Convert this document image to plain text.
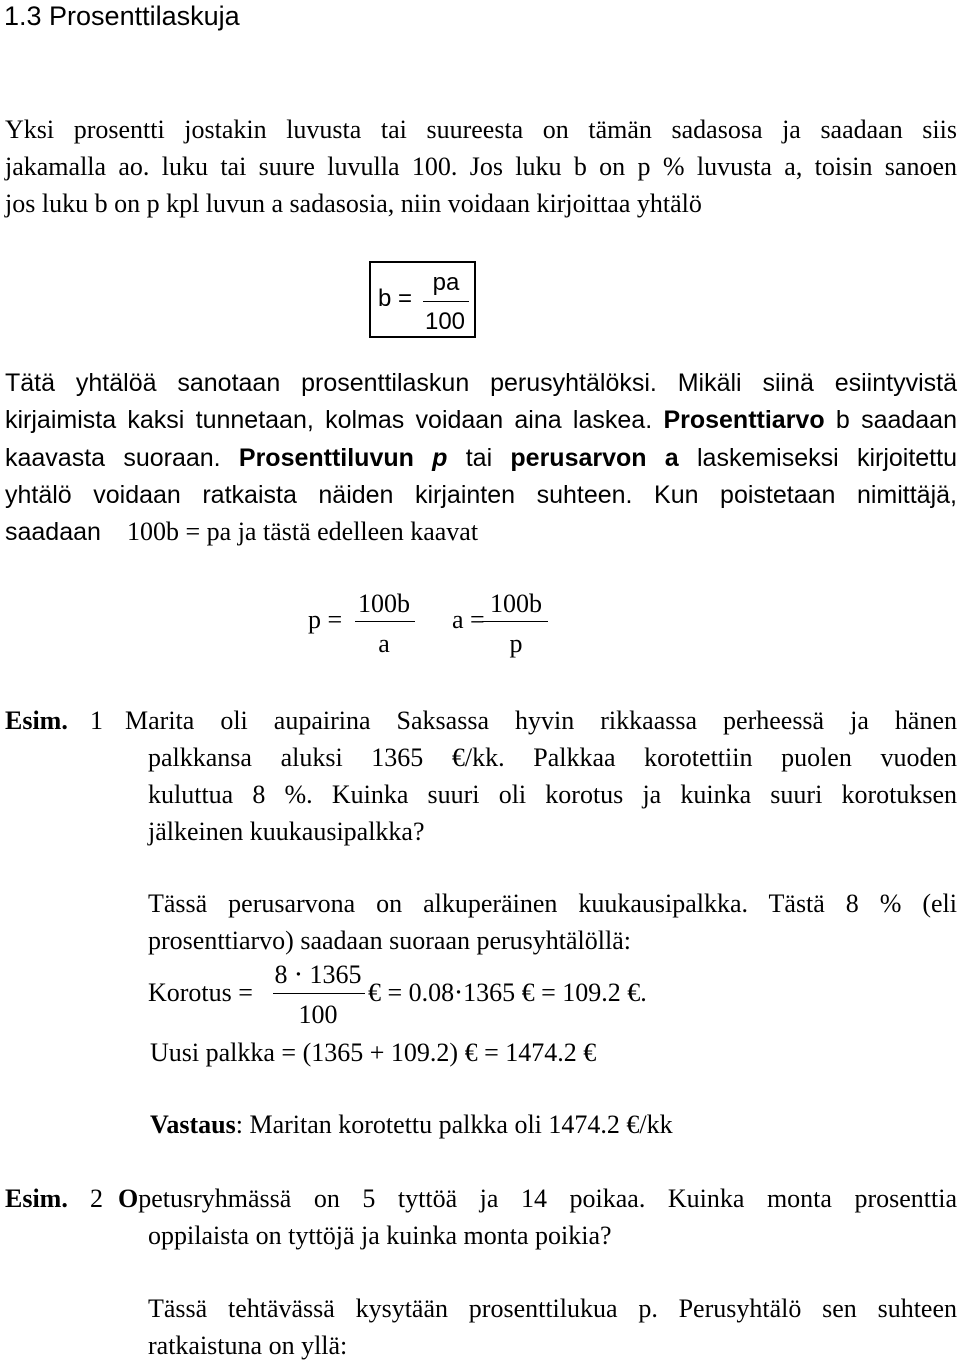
1.3 Prosenttilaskuja
Yksi prosentti jostakin luvusta tai suureesta on tämän sadasosa ja saadaan siis
jakamalla ao. luku tai suure luvulla 100. Jos luku b on p % luvusta a, toisin sanoen
jos luku b on p kpl luvun a sadasosia, niin voidaan kirjoittaa yhtälö
b =
pa
100
Tätä yhtälöä sanotaan prosenttilaskun perusyhtälöksi. Mikäli siinä esiintyvistä
kirjaimista kaksi tunnetaan, kolmas voidaan aina laskea. Prosenttiarvo b saadaan
kaavasta suoraan. Prosenttiluvun p tai perusarvon a laskemiseksi kirjoitettu
yhtälö voidaan ratkaista näiden kirjainten suhteen. Kun poistetaan nimittäjä,
saadaan 100b = pa ja tästä edelleen kaavat
p =
100b
a
a =
100b
p
Esim. 1 Marita oli aupairina Saksassa hyvin rikkaassa perheessä ja hänen
palkkansa aluksi 1365 €/kk. Palkkaa korotettiin puolen vuoden
kuluttua 8 %. Kuinka suuri oli korotus ja kuinka suuri korotuksen
jälkeinen kuukausipalkka?
Tässä perusarvona on alkuperäinen kuukausipalkka. Tästä 8 % (eli
prosenttiarvo) saadaan suoraan perusyhtälöllä:
Korotus =
8 ⋅ 1365
100
€ = 0.08⋅1365 € = 109.2 €.
Uusi palkka = (1365 + 109.2) € = 1474.2 €
Vastaus: Maritan korotettu palkka oli 1474.2 €/kk
Esim. 2 Opetusryhmässä on 5 tyttöä ja 14 poikaa. Kuinka monta prosenttia
oppilaista on tyttöjä ja kuinka monta poikia?
Tässä tehtävässä kysytään prosenttilukua p. Perusyhtälö sen suhteen
ratkaistuna on yllä:
